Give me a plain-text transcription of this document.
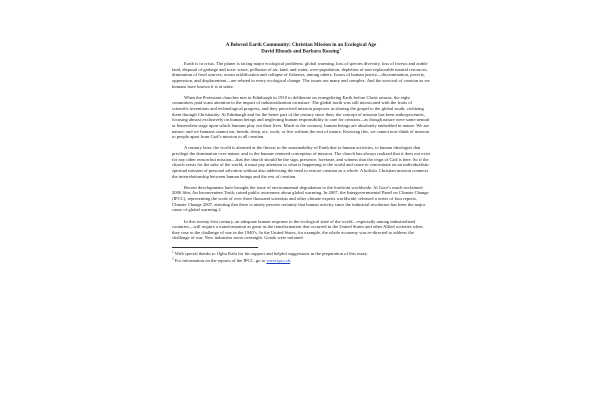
A Beloved Earth Community: Christian Mission in an Ecological Age
David Rhoads and Barbara Rossing$^1$

Earth is in crisis. The planet is facing major ecological problems: global warming, loss of species diversity, loss of forests and arable land, disposal of garbage and toxic waste, pollution of air, land, and water, over-population, depletion of non-replaceable natural resources, diminution of food sources, ocean acidification and collapse of fisheries, among others. Issues of human justice—discrimination, poverty, oppression, and displacement—are related to every ecological change. The issues are many and complex. And the survival of creation as we humans have known it is at stake.

When the Protestant churches met in Edinburgh in 1910 to deliberate on evangelizing Earth before Christ returns, the eight committees paid scant attention to the impact of industrialization on nature. The global north was still intoxicated with the fruits of scientific inventions and technological progress, and they perceived mission purposes as sharing the gospel to the global south, civilizing them through Christianity. At Edinburgh and for the better part of the century since then, the concept of mission has been anthropocentric, focusing almost exclusively on human beings and neglecting human responsibility to care for creation—as though nature were some neutral or benevolent stage upon which humans play out their lives. Much to the contrary, human beings are absolutely embedded in nature. We are nature; and we humans cannot eat, breath, sleep, act, work, or live without the rest of nature. Knowing this, we cannot now think of mission to people apart from God’s mission to all creation.

A century later, the world is alarmed at the threats to the sustainability of Earth due to human activities, to human ideologies that privilege the domination over nature, and to the human-centered conception of mission. The church has always realized that it does not exist for any other reason but mission—that the church should be the sign, presence, foretaste, and witness that the reign of God is here. So if the church exists for the sake of the world, it must pay attention to what is happening to the world and cease to concentrate on an individualistic spiritual mission of personal salvation without also addressing the need to restore creation as a whole. A holistic Christian mission connects the interrelationship between human beings and the rest of creation.

Recent developments have brought the issue of environmental degradation to the forefront worldwide. Al Gore’s much-acclaimed 2006 film, An Inconvenient Truth, raised public awareness about global warming. In 2007, the Intergovernmental Panel on Climate Change (IPCC), representing the work of over three thousand scientists and other climate experts worldwide, released a series of four reports, Climate Change 2007, attesting that there is ninety percent certainty that human activity since the industrial revolution has been the major cause of global warming.2

In this twenty-first century, an adequate human response to the ecological state of the world—especially among industrialized countries—will require a transformation as great as the transformation that occurred in the United States and other Allied societies when they rose to the challenge of war in the 1940’s. In the United States, for example, the whole economy was re-directed to address the challenge of war. New industries arose overnight. Goods were rationed.

$^1$ With special thanks to Ogbu Kalu for his support and helpful suggestions in the preparation of this essay.

$^2$ For information on the reports of the IPCC, go to www.ipcc.ch.
